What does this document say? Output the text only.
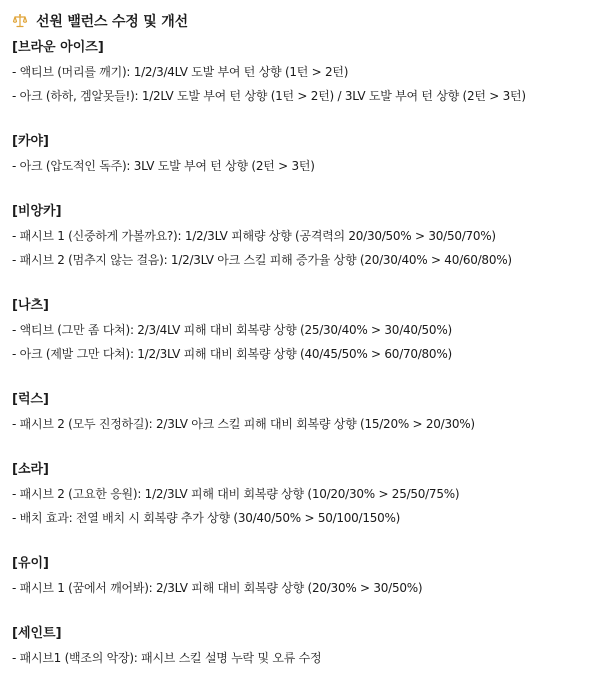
선원 밸런스 수정 및 개선
[브라운 아이즈]
- 액티브 (머리를 깨기): 1/2/3/4LV 도발 부여 턴 상향 (1턴 > 2턴)
- 아크 (하하, 겜알못들!): 1/2LV 도발 부여 턴 상향 (1턴 > 2턴) / 3LV 도발 부여 턴 상향 (2턴 > 3턴)
[카야]
- 아크 (압도적인 독주): 3LV 도발 부여 턴 상향 (2턴 > 3턴)
[비앙카]
- 패시브 1 (신중하게 가볼까요?): 1/2/3LV 피해량 상향 (공격력의 20/30/50% > 30/50/70%)
- 패시브 2 (멈추지 않는 걸음): 1/2/3LV 아크 스킬 피해 증가율 상향 (20/30/40% > 40/60/80%)
[나츠]
- 액티브 (그만 좀 다쳐): 2/3/4LV 피해 대비 회복량 상향 (25/30/40% > 30/40/50%)
- 아크 (제발 그만 다쳐): 1/2/3LV 피해 대비 회복량 상향 (40/45/50% > 60/70/80%)
[럭스]
- 패시브 2 (모두 진정하길): 2/3LV 아크 스킬 피해 대비 회복량 상향 (15/20% > 20/30%)
[소라]
- 패시브 2 (고요한 응원): 1/2/3LV 피해 대비 회복량 상향 (10/20/30% > 25/50/75%)
- 배치 효과: 전열 배치 시 회복량 추가 상향 (30/40/50% > 50/100/150%)
[유이]
- 패시브 1 (꿈에서 깨어봐): 2/3LV 피해 대비 회복량 상향 (20/30% > 30/50%)
[세인트]
- 패시브1 (백조의 악장): 패시브 스킬 설명 누락 및 오류 수정
